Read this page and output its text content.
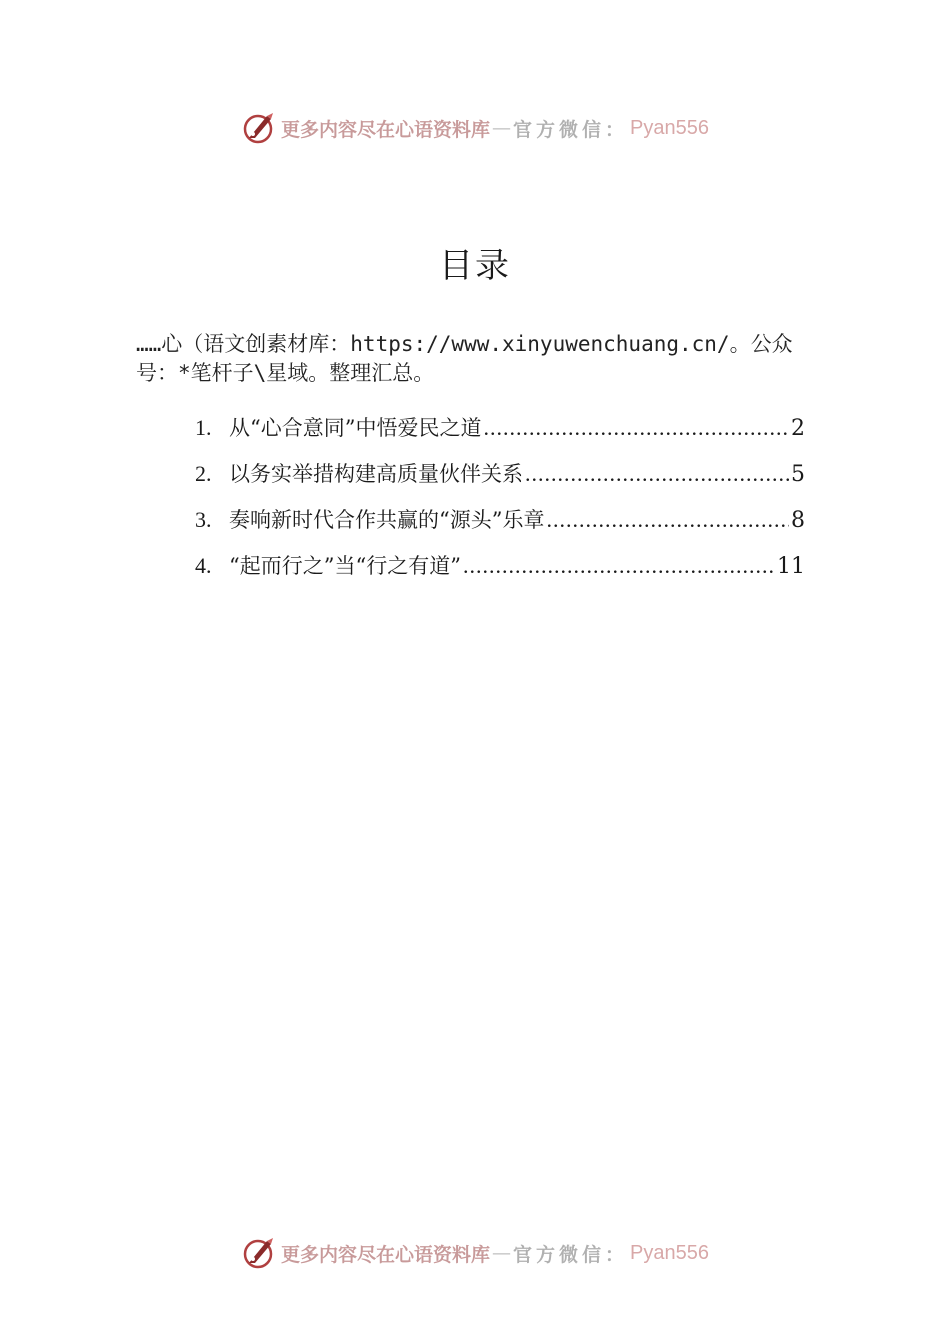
更多内容尽在心语资料库 — 官方微信： Pyan556
目录
……心（语文创素材库：https://www.xinyuwenchuang.cn/。公众号：*笔杆子\星域。整理汇总。
1. 从“心合意同”中悟爱民之道 .....	2
2. 以务实举措构建高质量伙伴关系 .....	5
3. 奏响新时代合作共赢的“源头”乐章 .....	8
4. “起而行之”当“行之有道” .....	11
更多内容尽在心语资料库 — 官方微信： Pyan556
